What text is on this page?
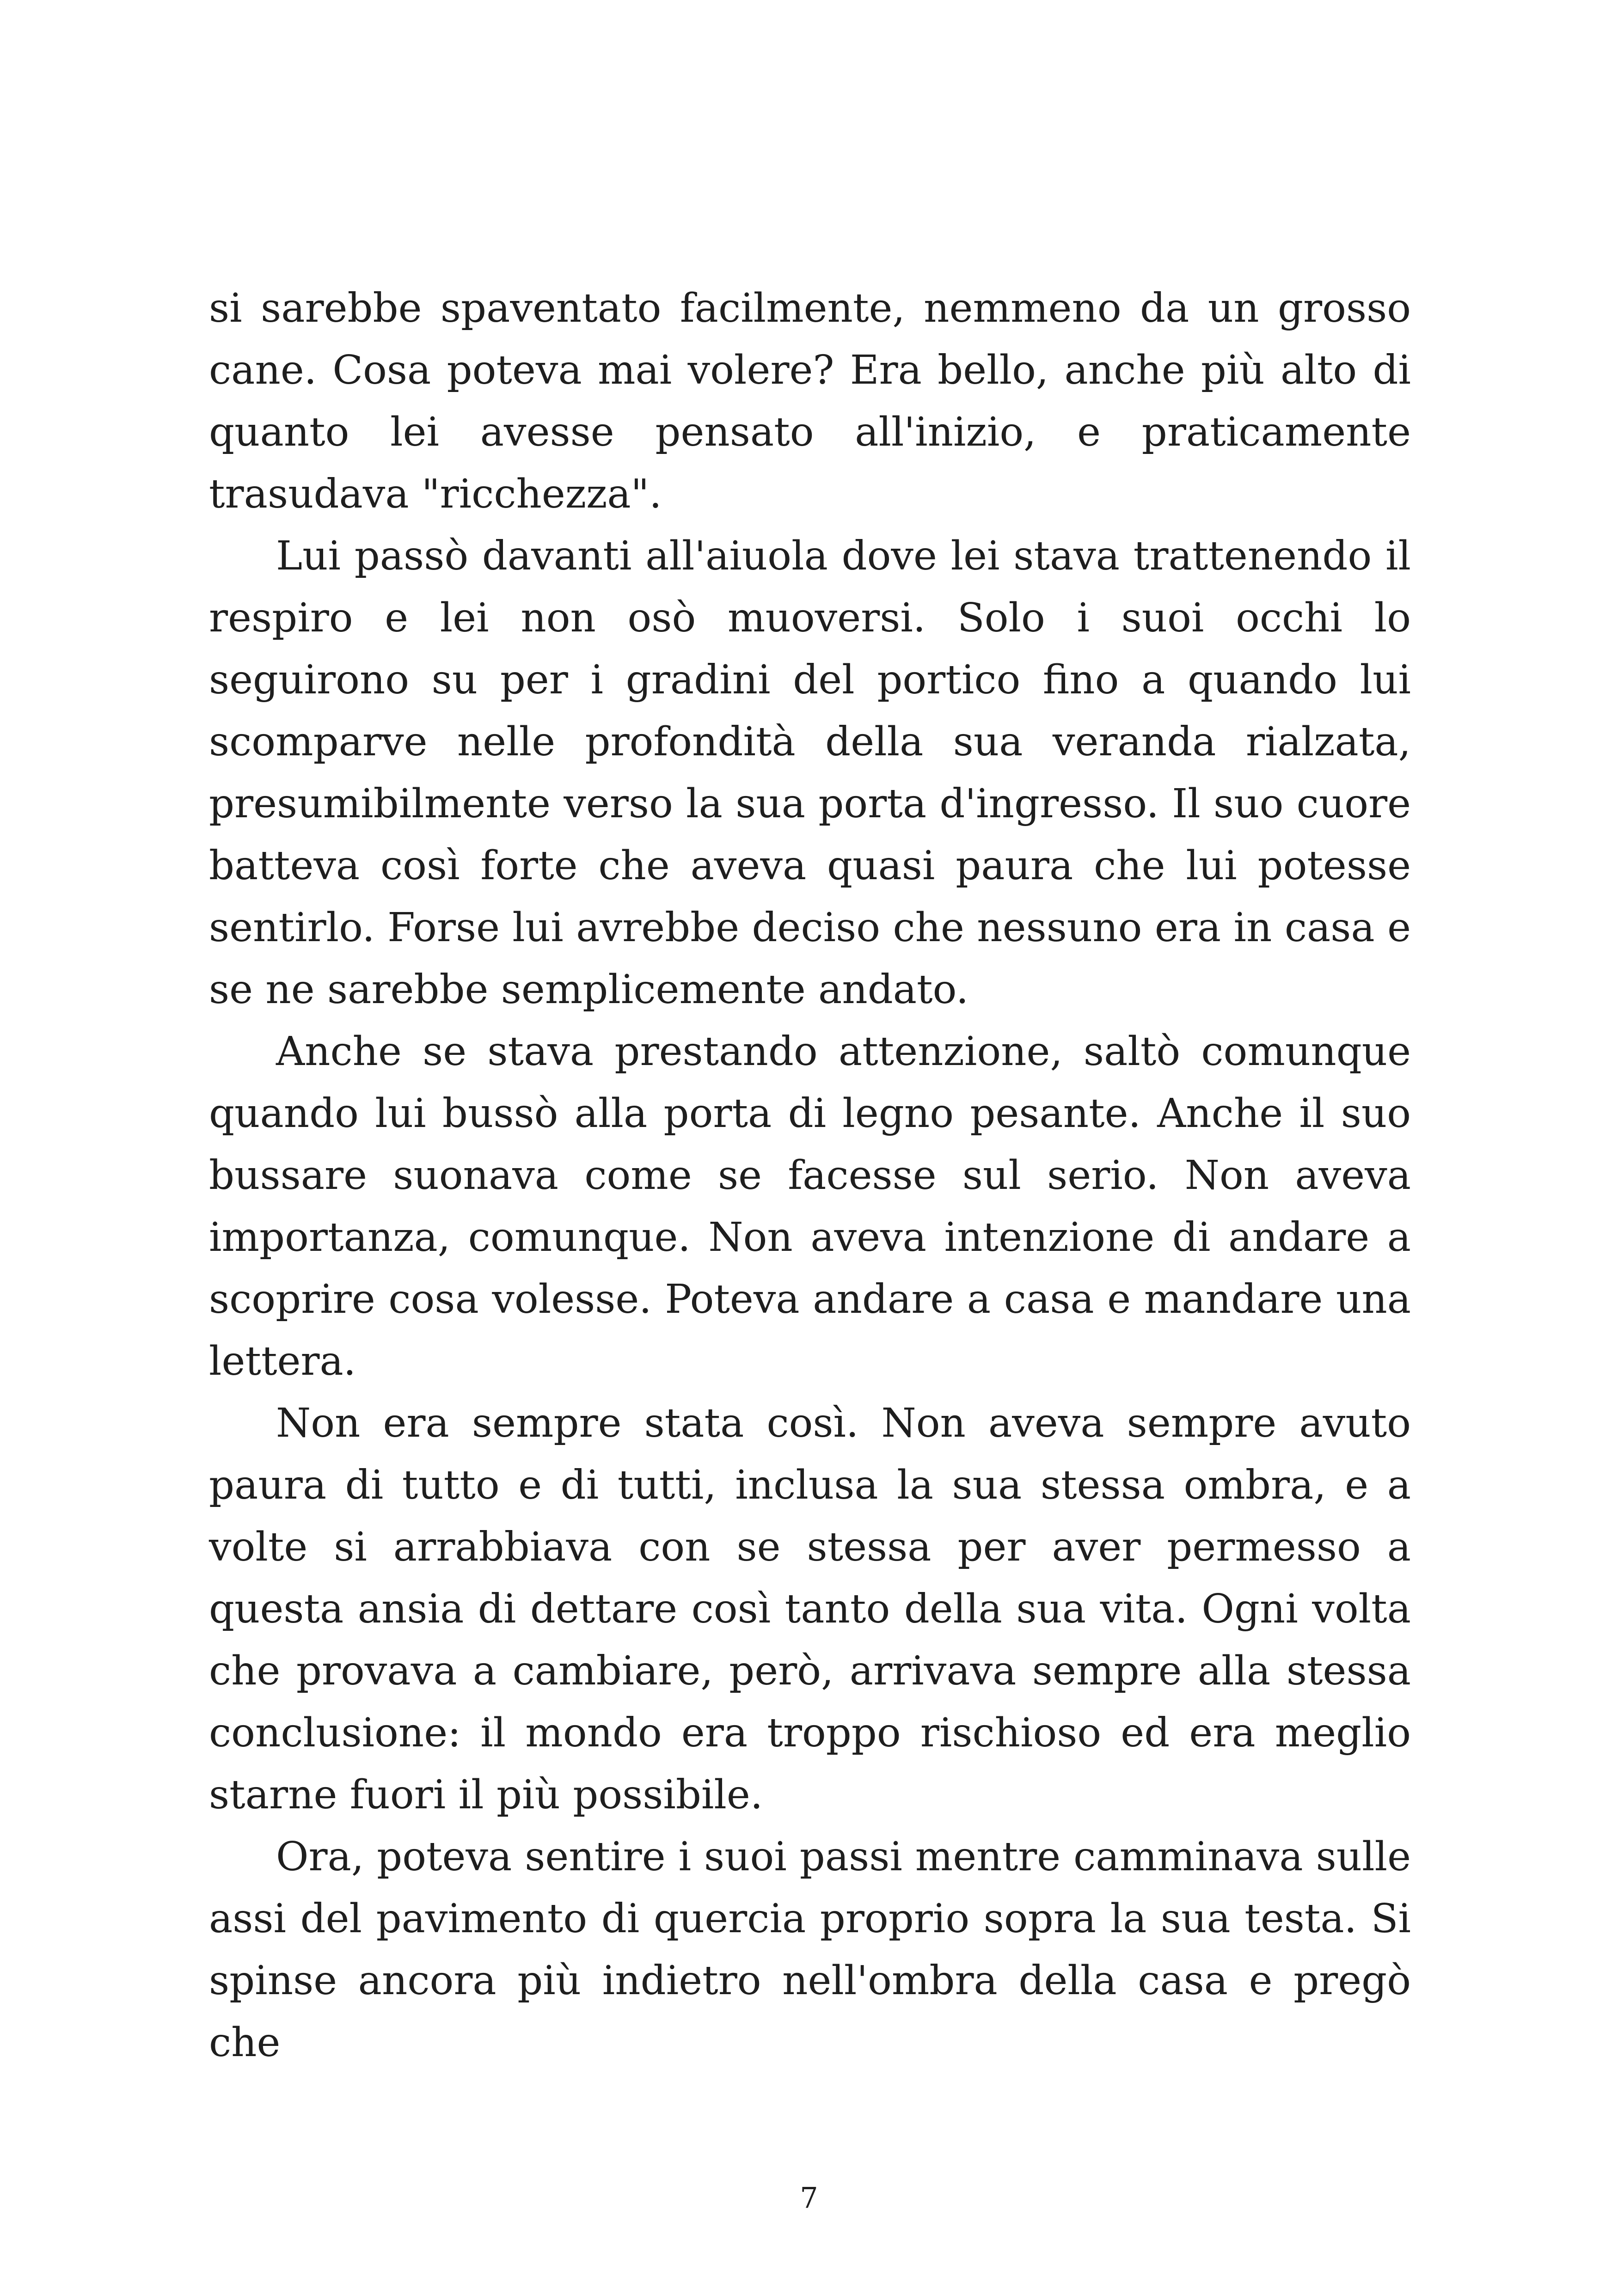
si sarebbe spaventato facilmente, nemmeno da un grosso cane. Cosa poteva mai volere? Era bello, anche più alto di quanto lei avesse pensato all'inizio, e praticamente trasudava "ricchezza".

Lui passò davanti all'aiuola dove lei stava trattenendo il respiro e lei non osò muoversi. Solo i suoi occhi lo seguirono su per i gradini del portico fino a quando lui scomparve nelle profondità della sua veranda rialzata, presumibilmente verso la sua porta d'ingresso. Il suo cuore batteva così forte che aveva quasi paura che lui potesse sentirlo. Forse lui avrebbe deciso che nessuno era in casa e se ne sarebbe semplicemente andato.

Anche se stava prestando attenzione, saltò comunque quando lui bussò alla porta di legno pesante. Anche il suo bussare suonava come se facesse sul serio. Non aveva importanza, comunque. Non aveva intenzione di andare a scoprire cosa volesse. Poteva andare a casa e mandare una lettera.

Non era sempre stata così. Non aveva sempre avuto paura di tutto e di tutti, inclusa la sua stessa ombra, e a volte si arrabbiava con se stessa per aver permesso a questa ansia di dettare così tanto della sua vita. Ogni volta che provava a cambiare, però, arrivava sempre alla stessa conclusione: il mondo era troppo rischioso ed era meglio starne fuori il più possibile.

Ora, poteva sentire i suoi passi mentre camminava sulle assi del pavimento di quercia proprio sopra la sua testa. Si spinse ancora più indietro nell'ombra della casa e pregò che

7
